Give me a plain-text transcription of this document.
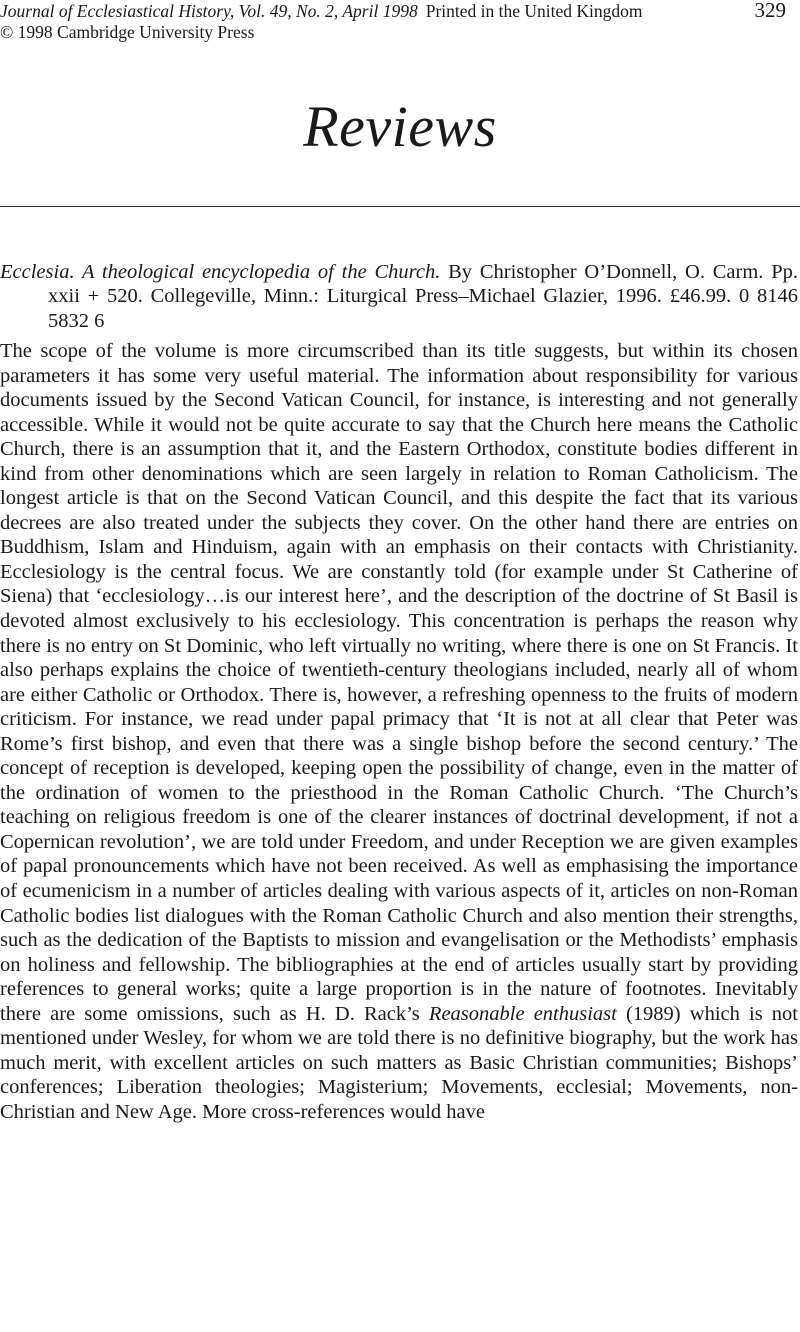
Journal of Ecclesiastical History, Vol. 49, No. 2, April 1998 Printed in the United Kingdom	329
© 1998 Cambridge University Press
Reviews
Ecclesia. A theological encyclopedia of the Church. By Christopher O’Donnell, O. Carm. Pp. xxii + 520. Collegeville, Minn.: Liturgical Press–Michael Glazier, 1996. £46.99. 0 8146 5832 6
The scope of the volume is more circumscribed than its title suggests, but within its chosen parameters it has some very useful material. The information about responsibility for various documents issued by the Second Vatican Council, for instance, is interesting and not generally accessible. While it would not be quite accurate to say that the Church here means the Catholic Church, there is an assumption that it, and the Eastern Orthodox, constitute bodies different in kind from other denominations which are seen largely in relation to Roman Catholicism. The longest article is that on the Second Vatican Council, and this despite the fact that its various decrees are also treated under the subjects they cover. On the other hand there are entries on Buddhism, Islam and Hinduism, again with an emphasis on their contacts with Christianity. Ecclesiology is the central focus. We are constantly told (for example under St Catherine of Siena) that ‘ecclesiology…is our interest here’, and the description of the doctrine of St Basil is devoted almost exclusively to his ecclesiology. This concentration is perhaps the reason why there is no entry on St Dominic, who left virtually no writing, where there is one on St Francis. It also perhaps explains the choice of twentieth-century theologians included, nearly all of whom are either Catholic or Orthodox. There is, however, a refreshing openness to the fruits of modern criticism. For instance, we read under papal primacy that ‘It is not at all clear that Peter was Rome’s first bishop, and even that there was a single bishop before the second century.’ The concept of reception is developed, keeping open the possibility of change, even in the matter of the ordination of women to the priesthood in the Roman Catholic Church. ‘The Church’s teaching on religious freedom is one of the clearer instances of doctrinal development, if not a Copernican revolution’, we are told under Freedom, and under Reception we are given examples of papal pronouncements which have not been received. As well as emphasising the importance of ecumenicism in a number of articles dealing with various aspects of it, articles on non-Roman Catholic bodies list dialogues with the Roman Catholic Church and also mention their strengths, such as the dedication of the Baptists to mission and evangelisation or the Methodists’ emphasis on holiness and fellowship. The bibliographies at the end of articles usually start by providing references to general works; quite a large proportion is in the nature of footnotes. Inevitably there are some omissions, such as H. D. Rack’s Reasonable enthusiast (1989) which is not mentioned under Wesley, for whom we are told there is no definitive biography, but the work has much merit, with excellent articles on such matters as Basic Christian communities; Bishops’ conferences; Liberation theologies; Magisterium; Movements, ecclesial; Movements, non-Christian and New Age. More cross-references would have
